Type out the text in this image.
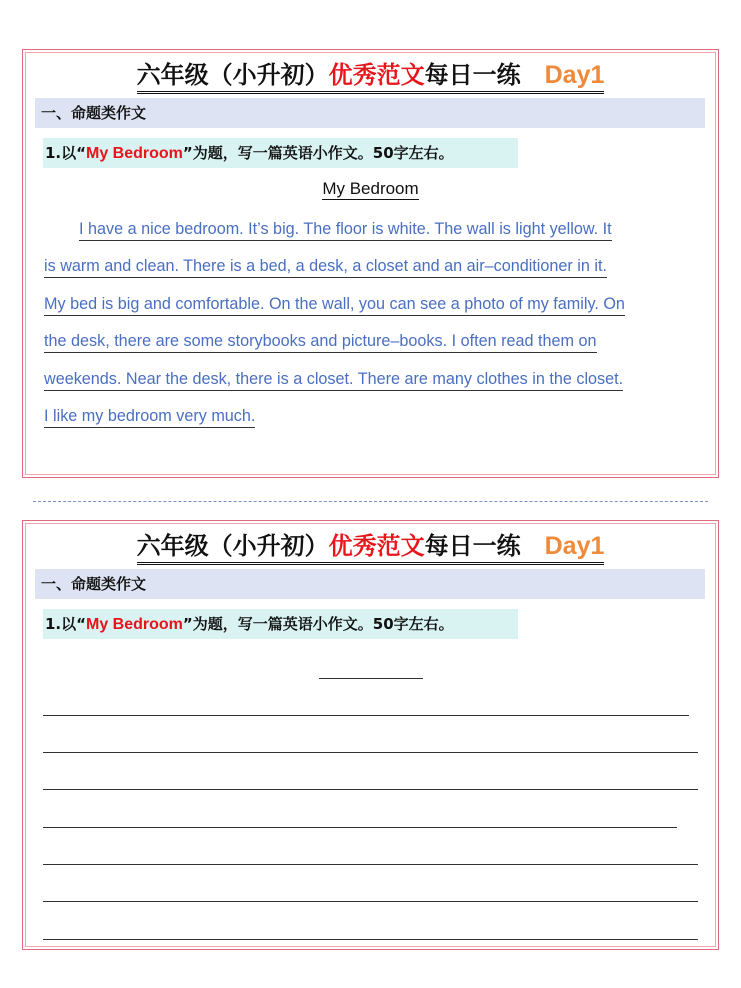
六年级（小升初）优秀范文每日一练 Day1
一、命题类作文
1.以“My Bedroom”为题，写一篇英语小作文。50字左右。
My Bedroom
I have a nice bedroom. It’s big. The floor is white. The wall is light yellow. It
is warm and clean. There is a bed, a desk, a closet and an air–conditioner in it.
My bed is big and comfortable. On the wall, you can see a photo of my family. On
the desk, there are some storybooks and picture–books. I often read them on
weekends. Near the desk, there is a closet. There are many clothes in the closet.
I like my bedroom very much.
六年级（小升初）优秀范文每日一练 Day1
一、命题类作文
1.以“My Bedroom”为题，写一篇英语小作文。50字左右。
